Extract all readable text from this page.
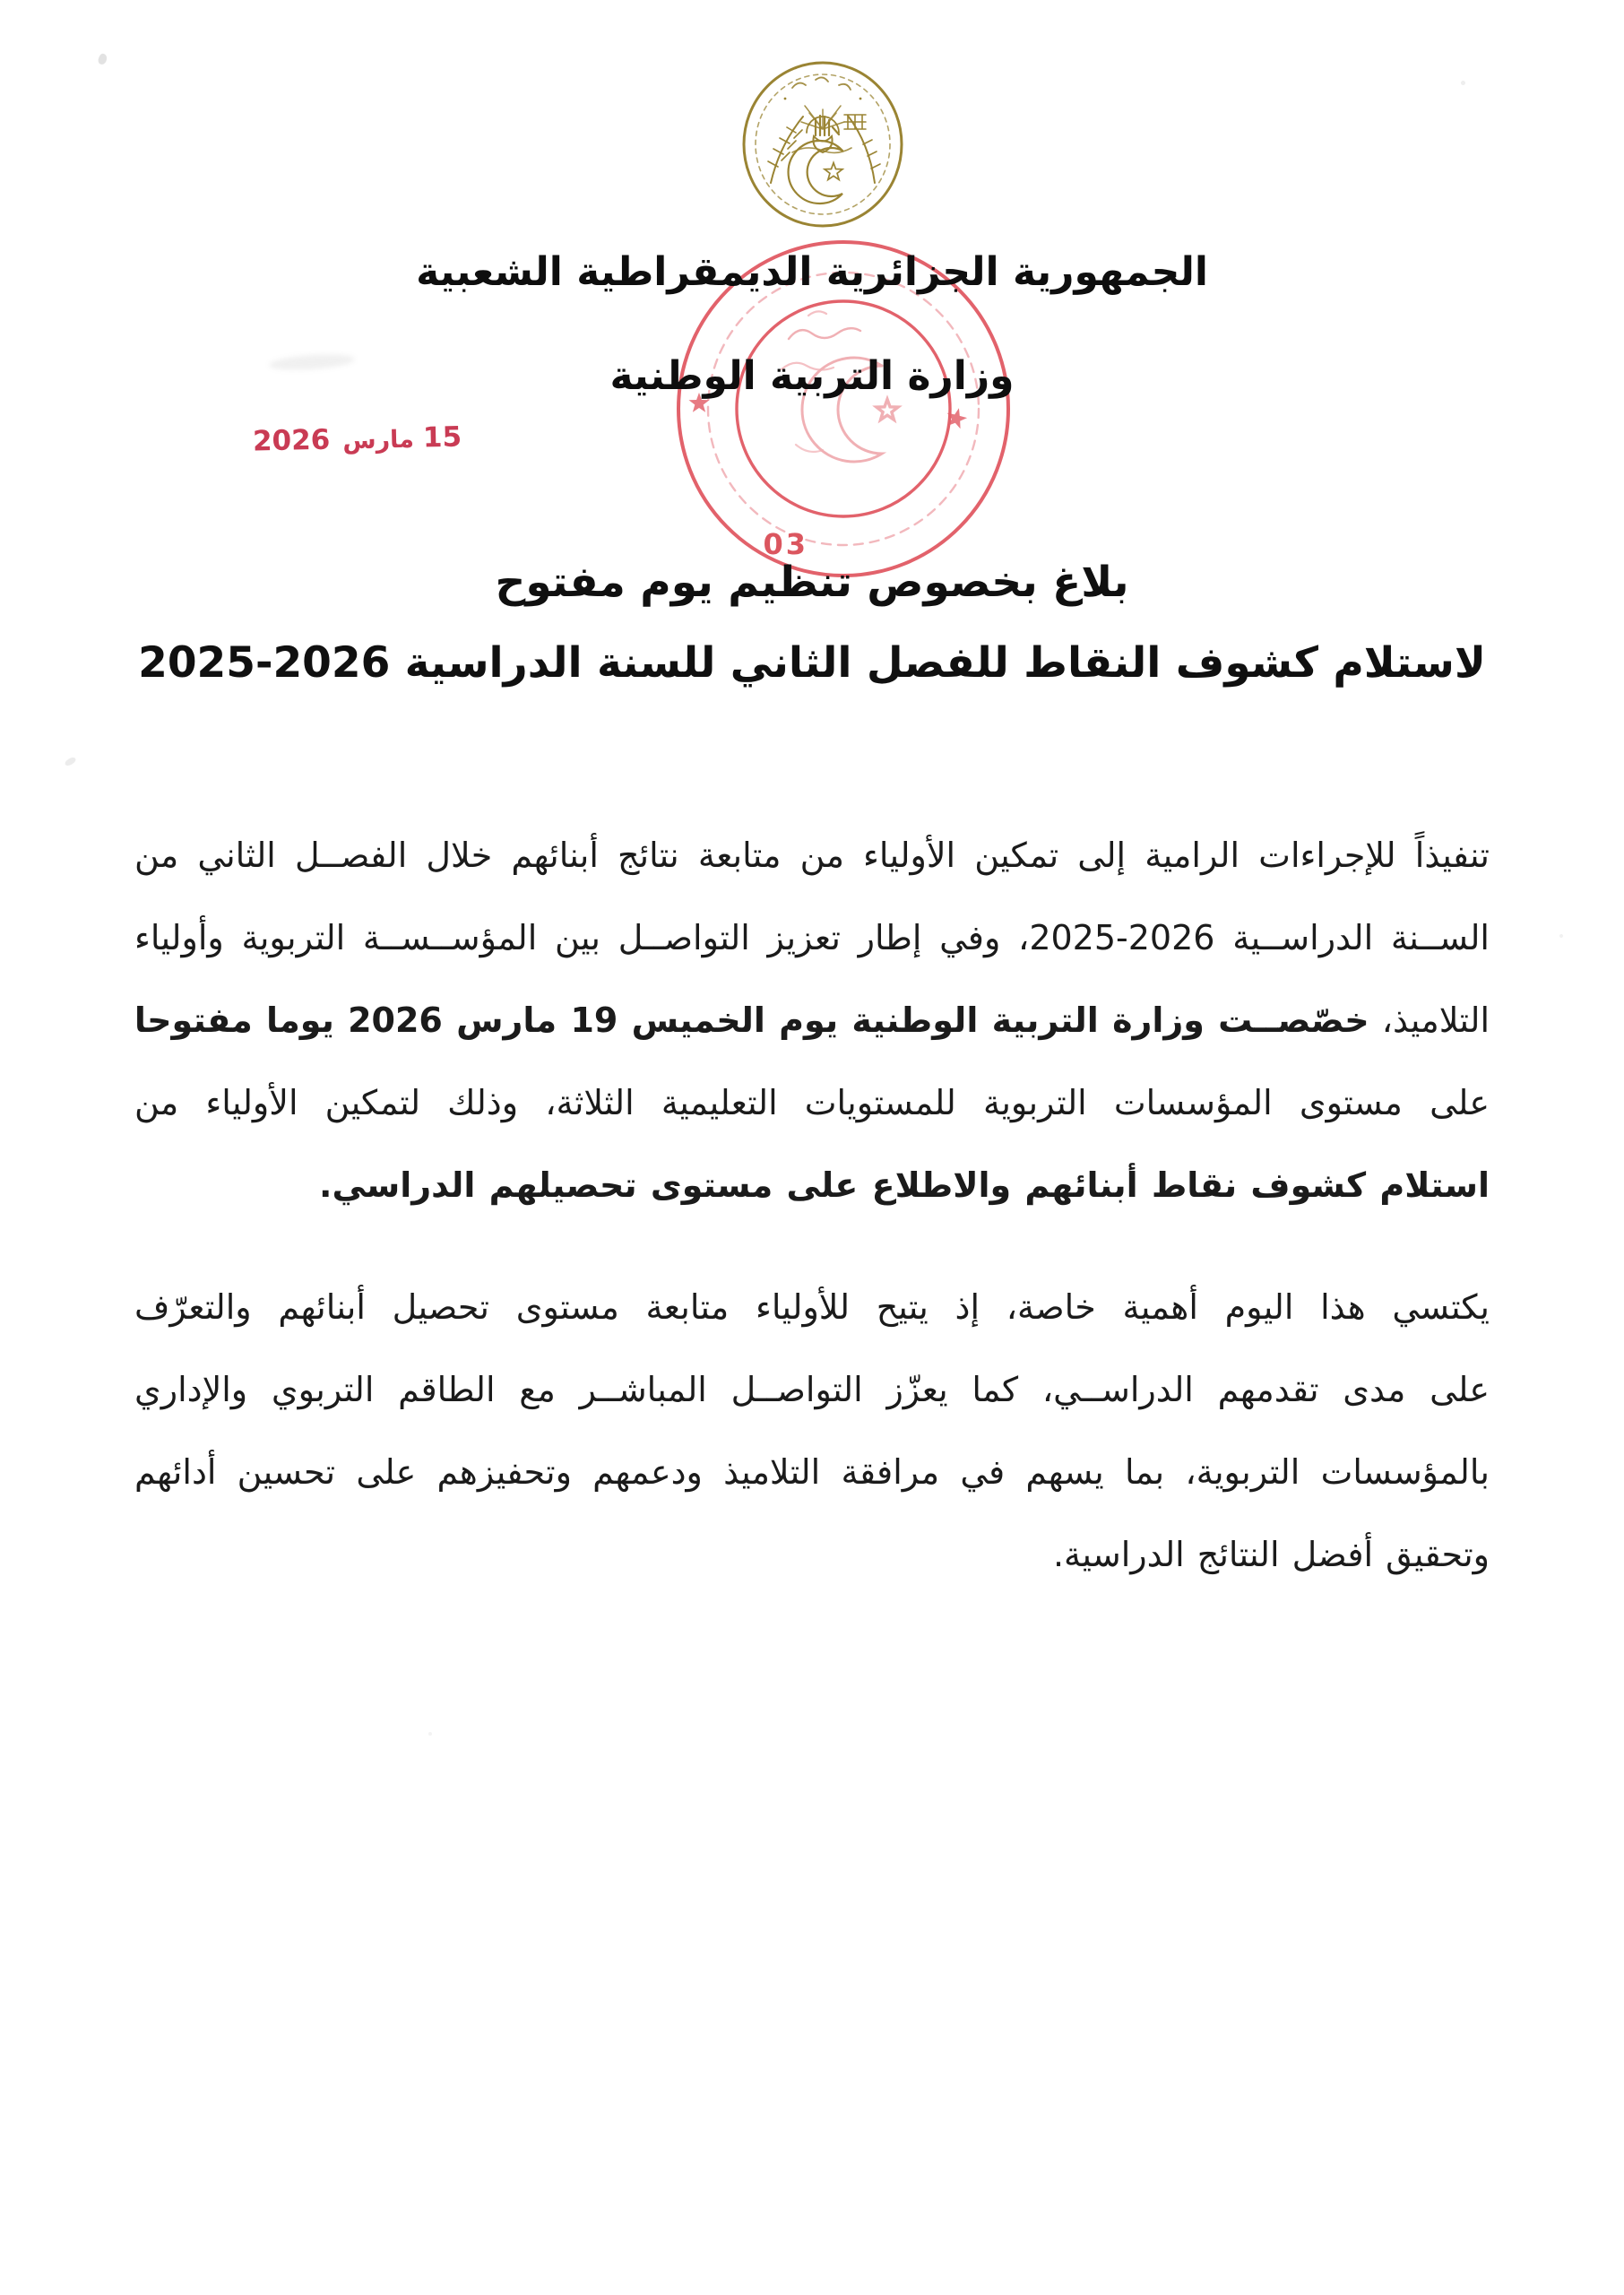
03
15مارس2026
الجمهورية الجزائرية الديمقراطية الشعبية
وزارة التربية الوطنية
بلاغ بخصوص تنظيم يوم مفتوح
لاستلام كشوف النقاط للفصل الثاني للسنة الدراسية 2026-2025
تنفيذاً للإجراءات الرامية إلى تمكين الأولياء من متابعة نتائج أبنائهم خلال الفصــل الثاني من
الســنة الدراســية 2026-2025، وفي إطار تعزيز التواصــل بين المؤســســة التربوية وأولياء
التلاميذ، خصّصــت وزارة التربية الوطنية يوم الخميس 19 مارس 2026 يوما مفتوحا
على مستوى المؤسسات التربوية للمستويات التعليمية الثلاثة، وذلك لتمكين الأولياء من
استلام كشوف نقاط أبنائهم والاطلاع على مستوى تحصيلهم الدراسي.
يكتسي هذا اليوم أهمية خاصة، إذ يتيح للأولياء متابعة مستوى تحصيل أبنائهم والتعرّف
على مدى تقدمهم الدراســي، كما يعزّز التواصــل المباشــر مع الطاقم التربوي والإداري
بالمؤسسات التربوية، بما يسهم في مرافقة التلاميذ ودعمهم وتحفيزهم على تحسين أدائهم
وتحقيق أفضل النتائج الدراسية.
